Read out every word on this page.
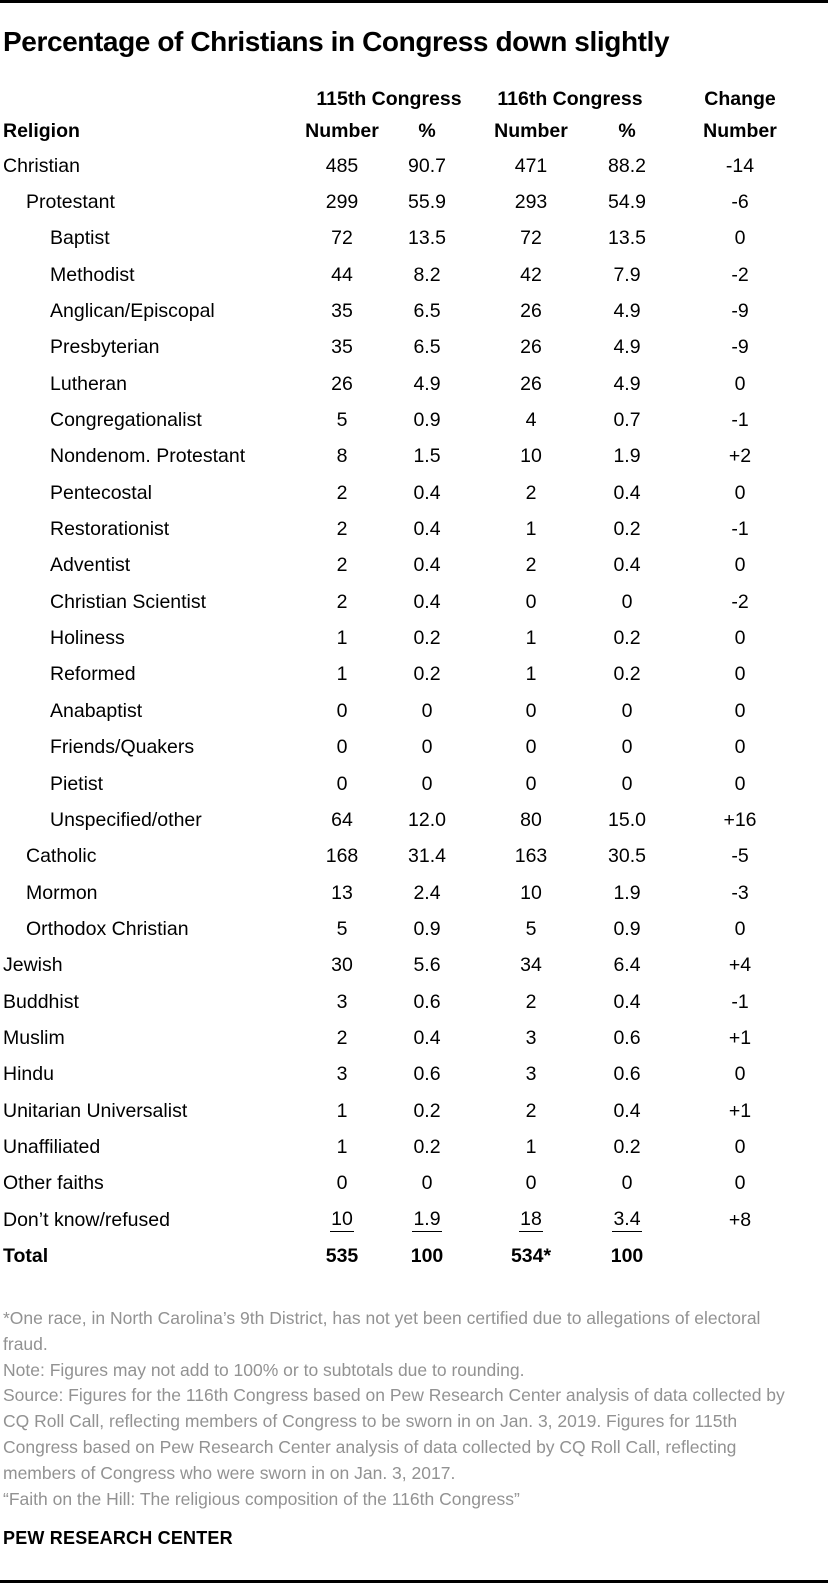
Percentage of Christians in Congress down slightly
115th Congress	116th Congress	Change
Religion	Number	%	Number	%	Number
Christian	485	90.7	471	88.2	-14
Protestant	299	55.9	293	54.9	-6
Baptist	72	13.5	72	13.5	0
Methodist	44	8.2	42	7.9	-2
Anglican/Episcopal	35	6.5	26	4.9	-9
Presbyterian	35	6.5	26	4.9	-9
Lutheran	26	4.9	26	4.9	0
Congregationalist	5	0.9	4	0.7	-1
Nondenom. Protestant	8	1.5	10	1.9	+2
Pentecostal	2	0.4	2	0.4	0
Restorationist	2	0.4	1	0.2	-1
Adventist	2	0.4	2	0.4	0
Christian Scientist	2	0.4	0	0	-2
Holiness	1	0.2	1	0.2	0
Reformed	1	0.2	1	0.2	0
Anabaptist	0	0	0	0	0
Friends/Quakers	0	0	0	0	0
Pietist	0	0	0	0	0
Unspecified/other	64	12.0	80	15.0	+16
Catholic	168	31.4	163	30.5	-5
Mormon	13	2.4	10	1.9	-3
Orthodox Christian	5	0.9	5	0.9	0
Jewish	30	5.6	34	6.4	+4
Buddhist	3	0.6	2	0.4	-1
Muslim	2	0.4	3	0.6	+1
Hindu	3	0.6	3	0.6	0
Unitarian Universalist	1	0.2	2	0.4	+1
Unaffiliated	1	0.2	1	0.2	0
Other faiths	0	0	0	0	0
Don’t know/refused	10	1.9	18	3.4	+8
Total	535	100	534*	100

*One race, in North Carolina’s 9th District, has not yet been certified due to allegations of electoral fraud.

Note: Figures may not add to 100% or to subtotals due to rounding.

Source: Figures for the 116th Congress based on Pew Research Center analysis of data collected by CQ Roll Call, reflecting members of Congress to be sworn in on Jan. 3, 2019. Figures for 115th Congress based on Pew Research Center analysis of data collected by CQ Roll Call, reflecting members of Congress who were sworn in on Jan. 3, 2017.

“Faith on the Hill: The religious composition of the 116th Congress”

PEW RESEARCH CENTER
